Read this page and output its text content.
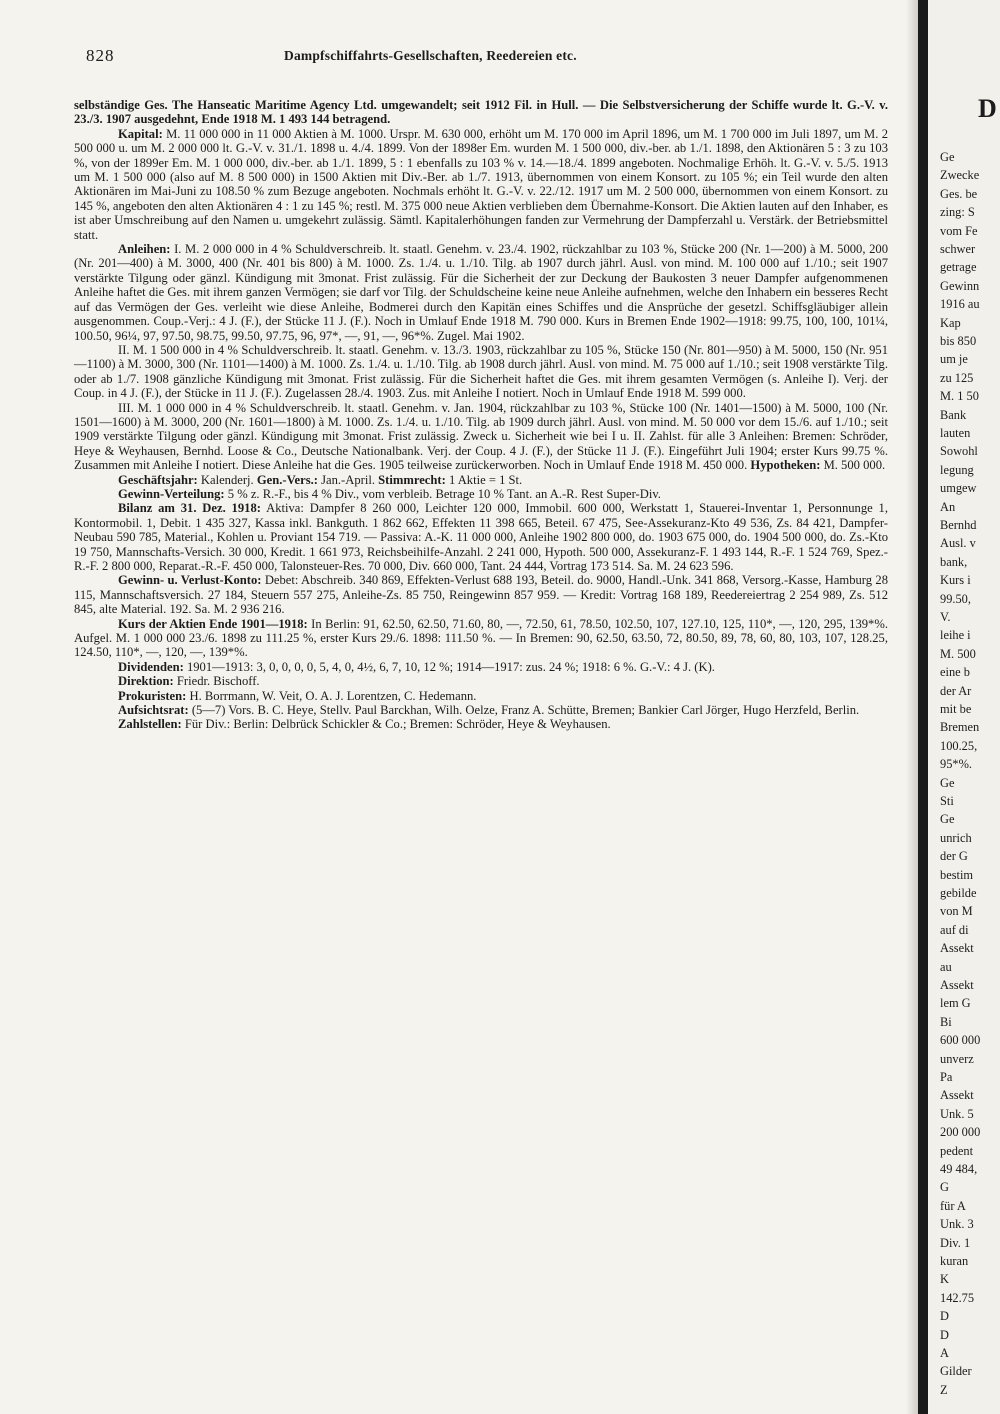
828	Dampfschiffahrts-Gesellschaften, Reedereien etc.

selbständige Ges. The Hanseatic Maritime Agency Ltd. umgewandelt; seit 1912 Fil. in Hull. — Die Selbstversicherung der Schiffe wurde lt. G.-V. v. 23./3. 1907 ausgedehnt, Ende 1918 M. 1 493 144 betragend.

Kapital: M. 11 000 000 in 11 000 Aktien à M. 1000. Urspr. M. 630 000, erhöht um M. 170 000 im April 1896, um M. 1 700 000 im Juli 1897, um M. 2 500 000 u. um M. 2 000 000 lt. G.-V. v. 31./1. 1898 u. 4./4. 1899. Von der 1898er Em. wurden M. 1 500 000, div.-ber. ab 1./1. 1898, den Aktionären 5 : 3 zu 103 %, von der 1899er Em. M. 1 000 000, div.-ber. ab 1./1. 1899, 5 : 1 ebenfalls zu 103 % v. 14.—18./4. 1899 angeboten. Nochmalige Erhöh. lt. G.-V. v. 5./5. 1913 um M. 1 500 000 (also auf M. 8 500 000) in 1500 Aktien mit Div.-Ber. ab 1./7. 1913, übernommen von einem Konsort. zu 105 %; ein Teil wurde den alten Aktionären im Mai-Juni zu 108.50 % zum Bezuge angeboten. Nochmals erhöht lt. G.-V. v. 22./12. 1917 um M. 2 500 000, übernommen von einem Konsort. zu 145 %, angeboten den alten Aktionären 4 : 1 zu 145 %; restl. M. 375 000 neue Aktien verblieben dem Übernahme-Konsort. Die Aktien lauten auf den Inhaber, es ist aber Umschreibung auf den Namen u. umgekehrt zulässig. Sämtl. Kapitalerhöhungen fanden zur Vermehrung der Dampferzahl u. Verstärk. der Betriebsmittel statt.

Anleihen: I. M. 2 000 000 in 4 % Schuldverschreib. lt. staatl. Genehm. v. 23./4. 1902, rückzahlbar zu 103 %, Stücke 200 (Nr. 1—200) à M. 5000, 200 (Nr. 201—400) à M. 3000, 400 (Nr. 401 bis 800) à M. 1000. Zs. 1./4. u. 1./10. Tilg. ab 1907 durch jährl. Ausl. von mind. M. 100 000 auf 1./10.; seit 1907 verstärkte Tilgung oder gänzl. Kündigung mit 3monat. Frist zulässig. Für die Sicherheit der zur Deckung der Baukosten 3 neuer Dampfer aufgenommenen Anleihe haftet die Ges. mit ihrem ganzen Vermögen; sie darf vor Tilg. der Schuldscheine keine neue Anleihe aufnehmen, welche den Inhabern ein besseres Recht auf das Vermögen der Ges. verleiht wie diese Anleihe, Bodmerei durch den Kapitän eines Schiffes und die Ansprüche der gesetzl. Schiffsgläubiger allein ausgenommen. Coup.-Verj.: 4 J. (F.), der Stücke 11 J. (F.). Noch in Umlauf Ende 1918 M. 790 000. Kurs in Bremen Ende 1902—1918: 99.75, 100, 100, 101¼, 100.50, 96¼, 97, 97.50, 98.75, 99.50, 97.75, 96, 97*, —, 91, —, 96*%. Zugel. Mai 1902.

II. M. 1 500 000 in 4 % Schuldverschreib. lt. staatl. Genehm. v. 13./3. 1903, rückzahlbar zu 105 %, Stücke 150 (Nr. 801—950) à M. 5000, 150 (Nr. 951—1100) à M. 3000, 300 (Nr. 1101—1400) à M. 1000. Zs. 1./4. u. 1./10. Tilg. ab 1908 durch jährl. Ausl. von mind. M. 75 000 auf 1./10.; seit 1908 verstärkte Tilg. oder ab 1./7. 1908 gänzliche Kündigung mit 3monat. Frist zulässig. Für die Sicherheit haftet die Ges. mit ihrem gesamten Vermögen (s. Anleihe I). Verj. der Coup. in 4 J. (F.), der Stücke in 11 J. (F.). Zugelassen 28./4. 1903. Zus. mit Anleihe I notiert. Noch in Umlauf Ende 1918 M. 599 000.

III. M. 1 000 000 in 4 % Schuldverschreib. lt. staatl. Genehm. v. Jan. 1904, rückzahlbar zu 103 %, Stücke 100 (Nr. 1401—1500) à M. 5000, 100 (Nr. 1501—1600) à M. 3000, 200 (Nr. 1601—1800) à M. 1000. Zs. 1./4. u. 1./10. Tilg. ab 1909 durch jährl. Ausl. von mind. M. 50 000 vor dem 15./6. auf 1./10.; seit 1909 verstärkte Tilgung oder gänzl. Kündigung mit 3monat. Frist zulässig. Zweck u. Sicherheit wie bei I u. II. Zahlst. für alle 3 Anleihen: Bremen: Schröder, Heye & Weyhausen, Bernhd. Loose & Co., Deutsche Nationalbank. Verj. der Coup. 4 J. (F.), der Stücke 11 J. (F.). Eingeführt Juli 1904; erster Kurs 99.75 %. Zusammen mit Anleihe I notiert. Diese Anleihe hat die Ges. 1905 teilweise zurückerworben. Noch in Umlauf Ende 1918 M. 450 000. Hypotheken: M. 500 000.

Geschäftsjahr: Kalenderj. Gen.-Vers.: Jan.-April. Stimmrecht: 1 Aktie = 1 St.

Gewinn-Verteilung: 5 % z. R.-F., bis 4 % Div., vom verbleib. Betrage 10 % Tant. an A.-R. Rest Super-Div.

Bilanz am 31. Dez. 1918: Aktiva: Dampfer 8 260 000, Leichter 120 000, Immobil. 600 000, Werkstatt 1, Stauerei-Inventar 1, Personnunge 1, Kontormobil. 1, Debit. 1 435 327, Kassa inkl. Bankguth. 1 862 662, Effekten 11 398 665, Beteil. 67 475, See-Assekuranz-Kto 49 536, Zs. 84 421, Dampfer-Neubau 590 785, Material., Kohlen u. Proviant 154 719. — Passiva: A.-K. 11 000 000, Anleihe 1902 800 000, do. 1903 675 000, do. 1904 500 000, do. Zs.-Kto 19 750, Mannschafts-Versich. 30 000, Kredit. 1 661 973, Reichsbeihilfe-Anzahl. 2 241 000, Hypoth. 500 000, Assekuranz-F. 1 493 144, R.-F. 1 524 769, Spez.-R.-F. 2 800 000, Reparat.-R.-F. 450 000, Talonsteuer-Res. 70 000, Div. 660 000, Tant. 24 444, Vortrag 173 514. Sa. M. 24 623 596.

Gewinn- u. Verlust-Konto: Debet: Abschreib. 340 869, Effekten-Verlust 688 193, Beteil. do. 9000, Handl.-Unk. 341 868, Versorg.-Kasse, Hamburg 28 115, Mannschaftsversich. 27 184, Steuern 557 275, Anleihe-Zs. 85 750, Reingewinn 857 959. — Kredit: Vortrag 168 189, Reedereiertrag 2 254 989, Zs. 512 845, alte Material. 192. Sa. M. 2 936 216.

Kurs der Aktien Ende 1901—1918: In Berlin: 91, 62.50, 62.50, 71.60, 80, —, 72.50, 61, 78.50, 102.50, 107, 127.10, 125, 110*, —, 120, 295, 139*%. Aufgel. M. 1 000 000 23./6. 1898 zu 111.25 %, erster Kurs 29./6. 1898: 111.50 %. — In Bremen: 90, 62.50, 63.50, 72, 80.50, 89, 78, 60, 80, 103, 107, 128.25, 124.50, 110*, —, 120, —, 139*%.

Dividenden: 1901—1913: 3, 0, 0, 0, 0, 5, 4, 0, 4½, 6, 7, 10, 12 %; 1914—1917: zus. 24 %; 1918: 6 %. G.-V.: 4 J. (K).

Direktion: Friedr. Bischoff.

Prokuristen: H. Borrmann, W. Veit, O. A. J. Lorentzen, C. Hedemann.

Aufsichtsrat: (5—7) Vors. B. C. Heye, Stellv. Paul Barckhan, Wilh. Oelze, Franz A. Schütte, Bremen; Bankier Carl Jörger, Hugo Herzfeld, Berlin.

Zahlstellen: Für Div.: Berlin: Delbrück Schickler & Co.; Bremen: Schröder, Heye & Weyhausen.

D
Ge
Zwecke
Ges. be
zing: S
vom Fe
schwer
getrage
Gewinn
1916 au
Kap
bis 850
um je
zu 125
M. 1 50
Bank
lauten
Sowohl
legung
umgew
An
Bernhd
Ausl. v
bank,
Kurs i
99.50,
V.
leihe i
M. 500
eine b
der Ar
mit be
Bremen
100.25,
95*%.
Ge
Sti
Ge
unrich
der G
bestim
gebilde
von M
auf di
Assekt
au
Assekt
lem G
Bi
600 000
unverz
Pa
Assekt
Unk. 5
200 000
pedent
49 484,
G
für A
Unk. 3
Div. 1
kuran
K
142.75
D
D
A
Gilder
Z
